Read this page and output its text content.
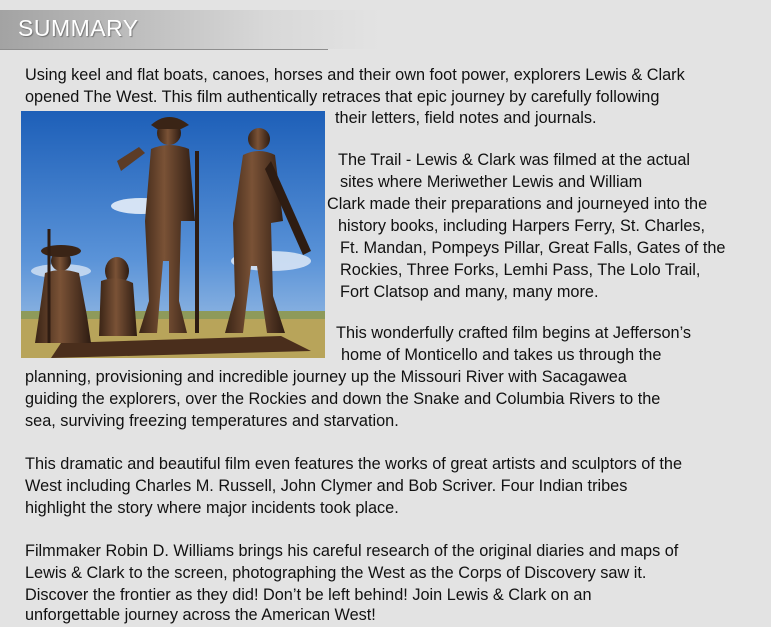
SUMMARY
Using keel and flat boats, canoes, horses and their own foot power, explorers Lewis & Clark
opened The West. This film authentically retraces that epic journey by carefully following
their letters, field notes and journals.
The Trail - Lewis & Clark was filmed at the actual
sites where Meriwether Lewis and William
Clark made their preparations and journeyed into the
history books, including Harpers Ferry, St. Charles,
Ft. Mandan, Pompeys Pillar, Great Falls, Gates of the
Rockies, Three Forks, Lemhi Pass, The Lolo Trail,
Fort Clatsop and many, many more.
This wonderfully crafted film begins at Jefferson’s
home of Monticello and takes us through the
planning, provisioning and incredible journey up the Missouri River with Sacagawea
guiding the explorers, over the Rockies and down the Snake and Columbia Rivers to the
sea, surviving freezing temperatures and starvation.
This dramatic and beautiful film even features the works of great artists and sculptors of the
West including Charles M. Russell, John Clymer and Bob Scriver. Four Indian tribes
highlight the story where major incidents took place.
Filmmaker Robin D. Williams brings his careful research of the original diaries and maps of
Lewis & Clark to the screen, photographing the West as the Corps of Discovery saw it.
Discover the frontier as they did! Don’t be left behind! Join Lewis & Clark on an
unforgettable journey across the American West!
